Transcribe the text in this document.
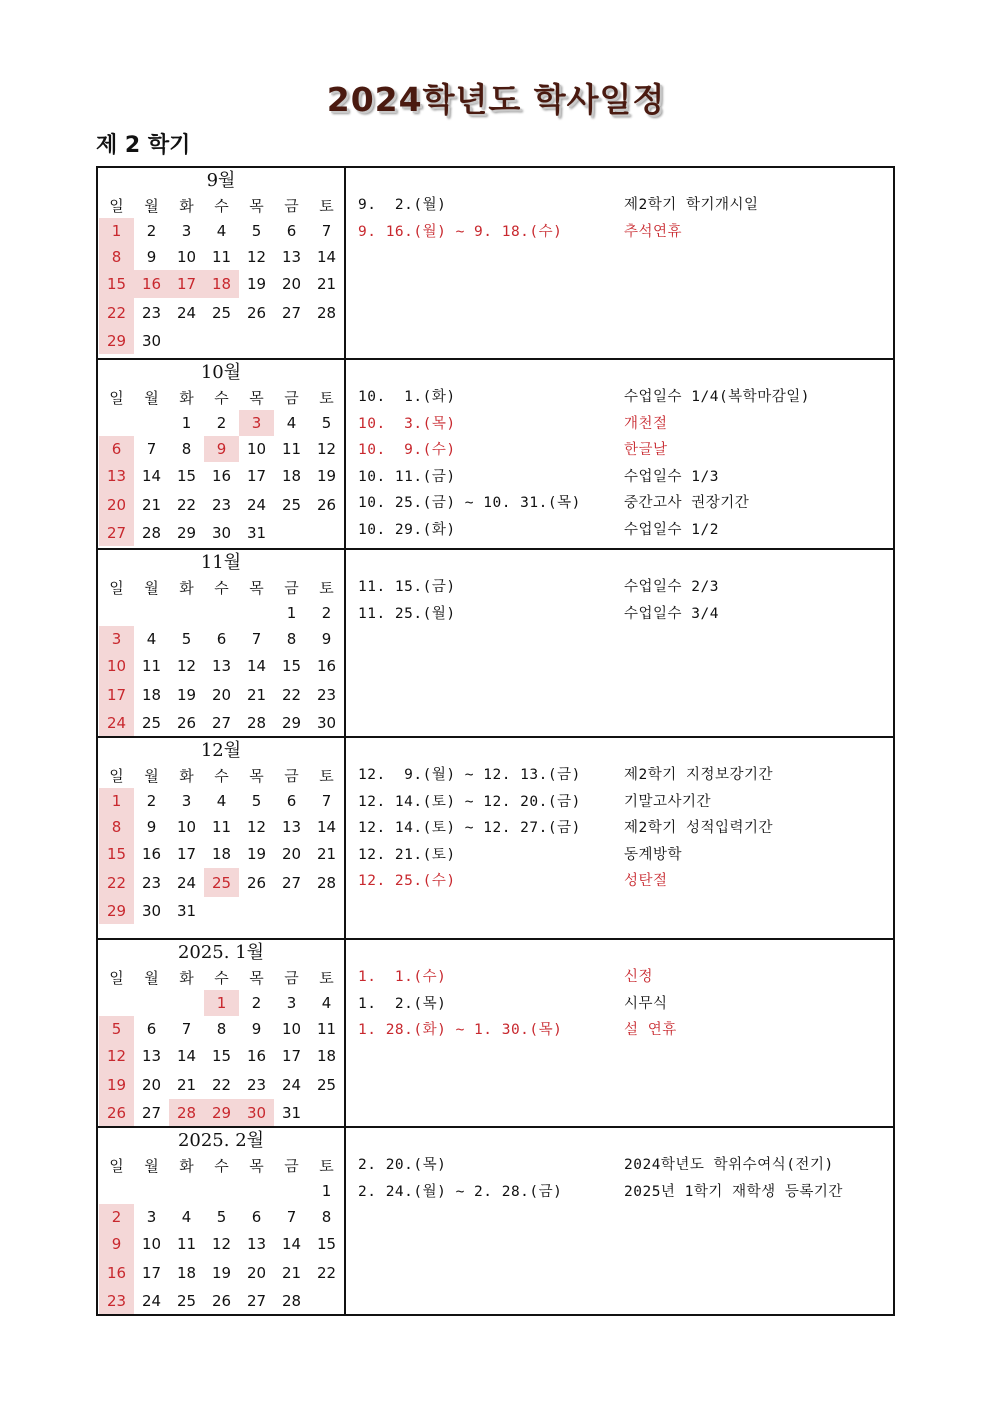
2024학년도 학사일정
제 2 학기
9월
일	월	화	수	목	금	토
1	2	3	4	5	6	7
8	9	10	11	12	13	14
15	16	17	18	19	20	21
22	23	24	25	26	27	28
29	30					

9.  2.(월)	제2학기 학기개시일
9. 16.(월) ~ 9. 18.(수)	추석연휴

10월
일	월	화	수	목	금	토
		1	2	3	4	5
6	7	8	9	10	11	12
13	14	15	16	17	18	19
20	21	22	23	24	25	26
27	28	29	30	31		

10.  1.(화)	수업일수 1/4(복학마감일)
10.  3.(목)	개천절
10.  9.(수)	한글날
10. 11.(금)	수업일수 1/3
10. 25.(금) ~ 10. 31.(목)	중간고사 권장기간
10. 29.(화)	수업일수 1/2

11월
일	월	화	수	목	금	토
					1	2
3	4	5	6	7	8	9
10	11	12	13	14	15	16
17	18	19	20	21	22	23
24	25	26	27	28	29	30

11. 15.(금)	수업일수 2/3
11. 25.(월)	수업일수 3/4

12월
일	월	화	수	목	금	토
1	2	3	4	5	6	7
8	9	10	11	12	13	14
15	16	17	18	19	20	21
22	23	24	25	26	27	28
29	30	31				

12.  9.(월) ~ 12. 13.(금)	제2학기 지정보강기간
12. 14.(토) ~ 12. 20.(금)	기말고사기간
12. 14.(토) ~ 12. 27.(금)	제2학기 성적입력기간
12. 21.(토)	동계방학
12. 25.(수)	성탄절

2025. 1월
일	월	화	수	목	금	토
			1	2	3	4
5	6	7	8	9	10	11
12	13	14	15	16	17	18
19	20	21	22	23	24	25
26	27	28	29	30	31	

1.  1.(수)	신정
1.  2.(목)	시무식
1. 28.(화) ~ 1. 30.(목)	설 연휴

2025. 2월
일	월	화	수	목	금	토
						1
2	3	4	5	6	7	8
9	10	11	12	13	14	15
16	17	18	19	20	21	22
23	24	25	26	27	28	

2. 20.(목)	2024학년도 학위수여식(전기)
2. 24.(월) ~ 2. 28.(금)	2025년 1학기 재학생 등록기간
